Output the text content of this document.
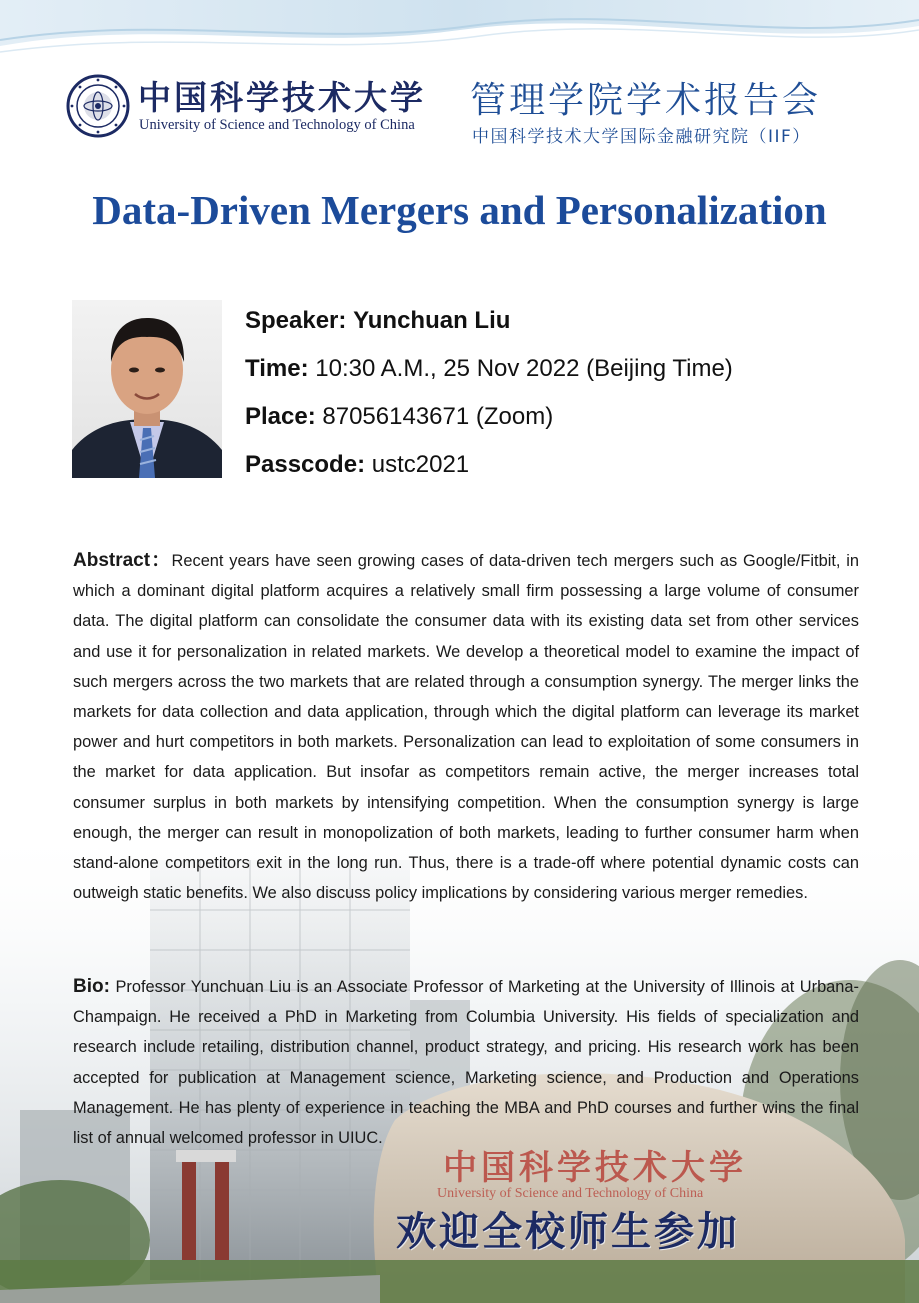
中国科学技术大学
University of Science and Technology of China
管理学院学术报告会
中国科学技术大学国际金融研究院（IIF）
Data-Driven Mergers and Personalization
Speaker: Yunchuan Liu
Time: 10:30 A.M., 25 Nov 2022 (Beijing Time)
Place: 87056143671 (Zoom)
Passcode: ustc2021

Abstract：Recent years have seen growing cases of data-driven tech mergers such as Google/Fitbit, in which a dominant digital platform acquires a relatively small firm possessing a large volume of consumer data. The digital platform can consolidate the consumer data with its existing data set from other services and use it for personalization in related markets. We develop a theoretical model to examine the impact of such mergers across the two markets that are related through a consumption synergy. The merger links the markets for data collection and data application, through which the digital platform can leverage its market power and hurt competitors in both markets. Personalization can lead to exploitation of some consumers in the market for data application. But insofar as competitors remain active, the merger increases total consumer surplus in both markets by intensifying competition. When the consumption synergy is large enough, the merger can result in monopolization of both markets, leading to further consumer harm when stand-alone competitors exit in the long run. Thus, there is a trade-off where potential dynamic costs can outweigh static benefits. We also discuss policy implications by considering various merger remedies.

Bio: Professor Yunchuan Liu is an Associate Professor of Marketing at the University of Illinois at Urbana-Champaign. He received a PhD in Marketing from Columbia University. His fields of specialization and research include retailing, distribution channel, product strategy, and pricing. His research work has been accepted for publication at Management science, Marketing science, and Production and Operations Management. He has plenty of experience in teaching the MBA and PhD courses and further wins the final list of annual welcomed professor in UIUC.

中国科学技术大学
University of Science and Technology of China
欢迎全校师生参加
